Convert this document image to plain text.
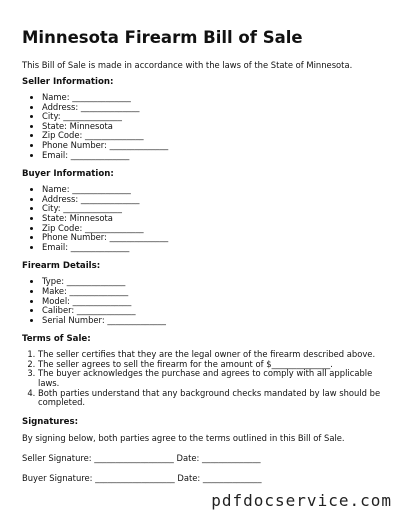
Minnesota Firearm Bill of Sale

This Bill of Sale is made in accordance with the laws of the State of Minnesota.

Seller Information:
• Name: ______________
• Address: ______________
• City: ______________
• State: Minnesota
• Zip Code: ______________
• Phone Number: ______________
• Email: ______________
Buyer Information:
• Name: ______________
• Address: ______________
• City: ______________
• State: Minnesota
• Zip Code: ______________
• Phone Number: ______________
• Email: ______________
Firearm Details:
• Type: ______________
• Make: ______________
• Model: ______________
• Caliber: ______________
• Serial Number: ______________
Terms of Sale:
1. The seller certifies that they are the legal owner of the firearm described above.
2. The seller agrees to sell the firearm for the amount of $______________.
3. The buyer acknowledges the purchase and agrees to comply with all applicable laws.
4. Both parties understand that any background checks mandated by law should be completed.
Signatures:

By signing below, both parties agree to the terms outlined in this Bill of Sale.

Seller Signature: ___________________ Date: ______________
Buyer Signature: ___________________ Date: ______________
pdfdocservice.com
